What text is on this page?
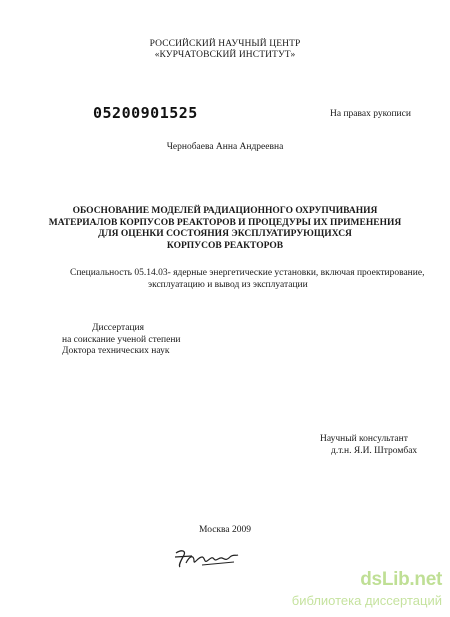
РОССИЙСКИЙ НАУЧНЫЙ ЦЕНТР
«КУРЧАТОВСКИЙ ИНСТИТУТ»
05200901525	На правах рукописи
Чернобаева Анна Андреевна
ОБОСНОВАНИЕ МОДЕЛЕЙ РАДИАЦИОННОГО ОХРУПЧИВАНИЯ
МАТЕРИАЛОВ КОРПУСОВ РЕАКТОРОВ И ПРОЦЕДУРЫ ИХ ПРИМЕНЕНИЯ
ДЛЯ ОЦЕНКИ СОСТОЯНИЯ ЭКСПЛУАТИРУЮЩИХСЯ
КОРПУСОВ РЕАКТОРОВ
Специальность 05.14.03- ядерные энергетические установки, включая проектирование,
эксплуатацию и вывод из эксплуатации
Диссертация
на соискание ученой степени
Доктора технических наук
Научный консультант
д.т.н. Я.И. Штромбах
Москва 2009
dsLib.net
библиотека диссертаций
